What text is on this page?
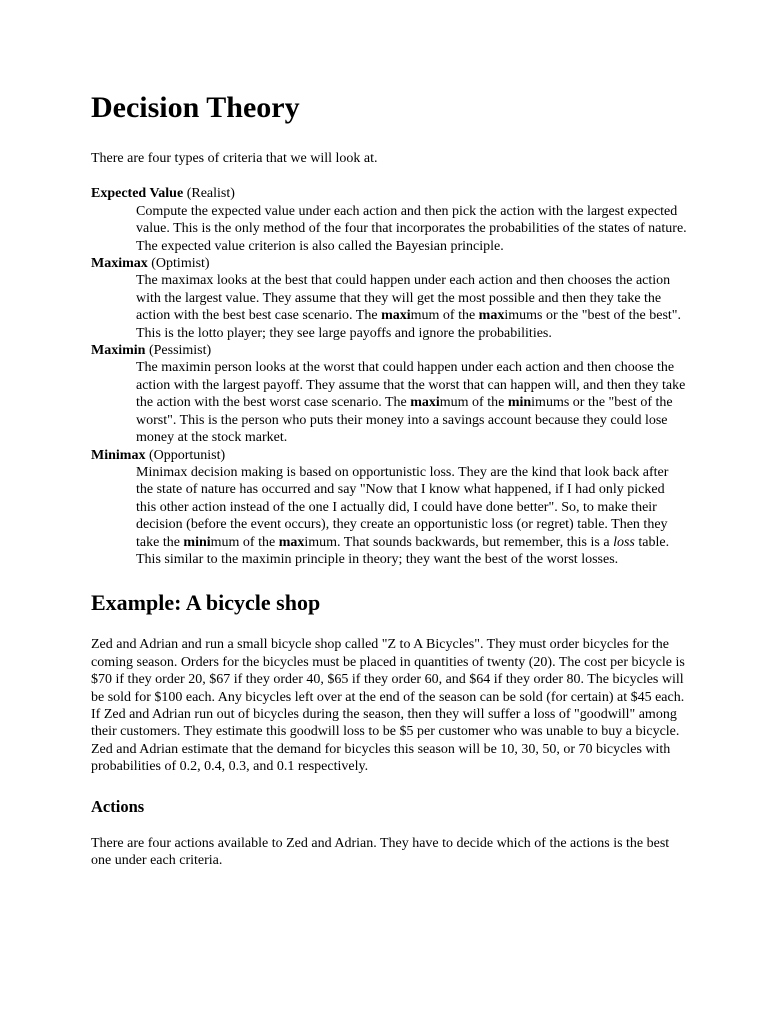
Decision Theory

There are four types of criteria that we will look at.

Expected Value (Realist)
Compute the expected value under each action and then pick the action with the largest expected value. This is the only method of the four that incorporates the probabilities of the states of nature. The expected value criterion is also called the Bayesian principle.
Maximax (Optimist)
The maximax looks at the best that could happen under each action and then chooses the action with the largest value. They assume that they will get the most possible and then they take the action with the best best case scenario. The maximum of the maximums or the "best of the best". This is the lotto player; they see large payoffs and ignore the probabilities.
Maximin (Pessimist)
The maximin person looks at the worst that could happen under each action and then choose the action with the largest payoff. They assume that the worst that can happen will, and then they take the action with the best worst case scenario. The maximum of the minimums or the "best of the worst". This is the person who puts their money into a savings account because they could lose money at the stock market.
Minimax (Opportunist)
Minimax decision making is based on opportunistic loss. They are the kind that look back after the state of nature has occurred and say "Now that I know what happened, if I had only picked this other action instead of the one I actually did, I could have done better". So, to make their decision (before the event occurs), they create an opportunistic loss (or regret) table. Then they take the minimum of the maximum. That sounds backwards, but remember, this is a loss table. This similar to the maximin principle in theory; they want the best of the worst losses.
Example: A bicycle shop

Zed and Adrian and run a small bicycle shop called "Z to A Bicycles". They must order bicycles for the coming season. Orders for the bicycles must be placed in quantities of twenty (20). The cost per bicycle is $70 if they order 20, $67 if they order 40, $65 if they order 60, and $64 if they order 80. The bicycles will be sold for $100 each. Any bicycles left over at the end of the season can be sold (for certain) at $45 each. If Zed and Adrian run out of bicycles during the season, then they will suffer a loss of "goodwill" among their customers. They estimate this goodwill loss to be $5 per customer who was unable to buy a bicycle. Zed and Adrian estimate that the demand for bicycles this season will be 10, 30, 50, or 70 bicycles with probabilities of 0.2, 0.4, 0.3, and 0.1 respectively.

Actions

There are four actions available to Zed and Adrian. They have to decide which of the actions is the best one under each criteria.
